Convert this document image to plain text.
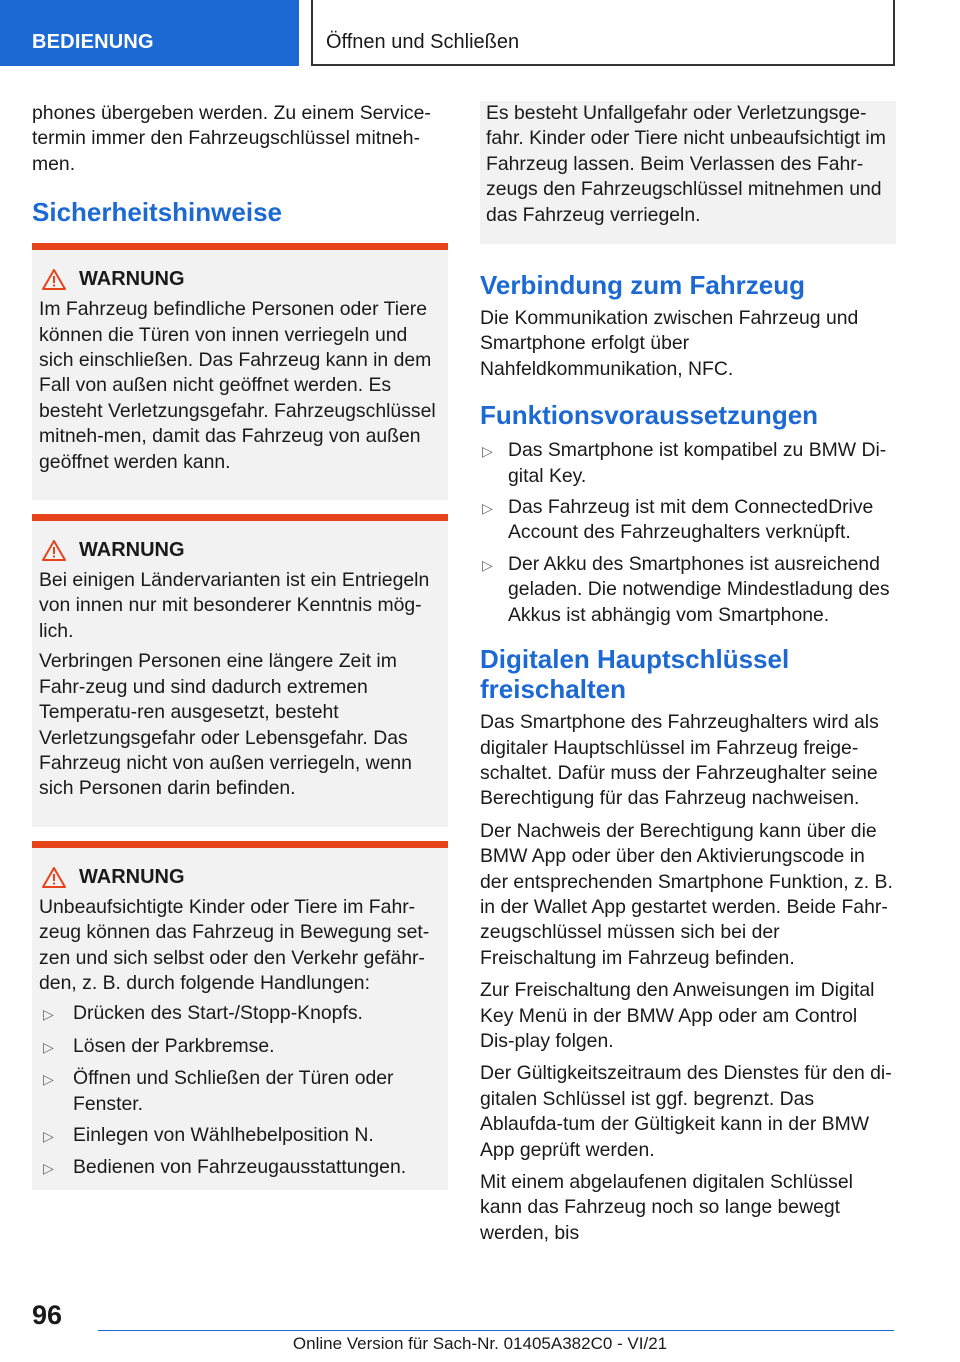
BEDIENUNG	Öffnen und Schließen

phones übergeben werden. Zu einem Service-termin immer den Fahrzeugschlüssel mitneh-men.

Sicherheitshinweise
WARNUNG

Im Fahrzeug befindliche Personen oder Tiere können die Türen von innen verriegeln und sich einschließen. Das Fahrzeug kann in dem Fall von außen nicht geöffnet werden. Es besteht Verletzungsgefahr. Fahrzeugschlüssel mitneh-men, damit das Fahrzeug von außen geöffnet werden kann.

WARNUNG

Bei einigen Ländervarianten ist ein Entriegeln von innen nur mit besonderer Kenntnis mög-lich.

Verbringen Personen eine längere Zeit im Fahr-zeug und sind dadurch extremen Temperatu-ren ausgesetzt, besteht Verletzungsgefahr oder Lebensgefahr. Das Fahrzeug nicht von außen verriegeln, wenn sich Personen darin befinden.

WARNUNG

Unbeaufsichtigte Kinder oder Tiere im Fahr-zeug können das Fahrzeug in Bewegung set-zen und sich selbst oder den Verkehr gefähr-den, z. B. durch folgende Handlungen:

▷ Drücken des Start-/Stopp-Knopfs.
▷ Lösen der Parkbremse.
▷ Öffnen und Schließen der Türen oder Fenster.
▷ Einlegen von Wählhebelposition N.
▷ Bedienen von Fahrzeugausstattungen.

Es besteht Unfallgefahr oder Verletzungsge-fahr. Kinder oder Tiere nicht unbeaufsichtigt im Fahrzeug lassen. Beim Verlassen des Fahr-zeugs den Fahrzeugschlüssel mitnehmen und das Fahrzeug verriegeln.

Verbindung zum Fahrzeug

Die Kommunikation zwischen Fahrzeug und Smartphone erfolgt über Nahfeldkommunikation, NFC.

Funktionsvoraussetzungen
▷ Das Smartphone ist kompatibel zu BMW Di-gital Key.
▷ Das Fahrzeug ist mit dem ConnectedDrive Account des Fahrzeughalters verknüpft.
▷ Der Akku des Smartphones ist ausreichend geladen. Die notwendige Mindestladung des Akkus ist abhängig vom Smartphone.
Digitalen Hauptschlüssel freischalten

Das Smartphone des Fahrzeughalters wird als digitaler Hauptschlüssel im Fahrzeug freige-schaltet. Dafür muss der Fahrzeughalter seine Berechtigung für das Fahrzeug nachweisen.

Der Nachweis der Berechtigung kann über die BMW App oder über den Aktivierungscode in der entsprechenden Smartphone Funktion, z. B. in der Wallet App gestartet werden. Beide Fahr-zeugschlüssel müssen sich bei der Freischaltung im Fahrzeug befinden.

Zur Freischaltung den Anweisungen im Digital Key Menü in der BMW App oder am Control Dis-play folgen.

Der Gültigkeitszeitraum des Dienstes für den di-gitalen Schlüssel ist ggf. begrenzt. Das Ablaufda-tum der Gültigkeit kann in der BMW App geprüft werden.

Mit einem abgelaufenen digitalen Schlüssel kann das Fahrzeug noch so lange bewegt werden, bis

96
Online Version für Sach-Nr. 01405A382C0 - VI/21
